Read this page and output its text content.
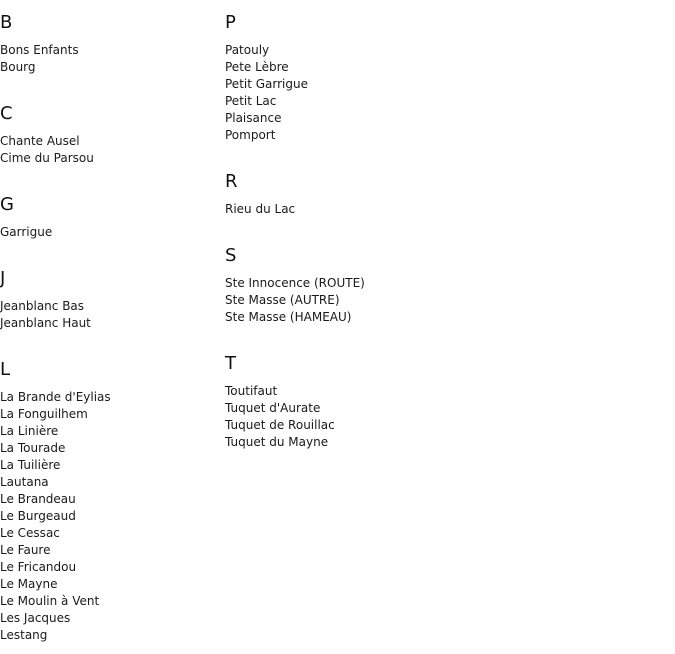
B
Bons Enfants
Bourg
C
Chante Ausel
Cime du Parsou
G
Garrigue
J
Jeanblanc Bas
Jeanblanc Haut
L
La Brande d'Eylias
La Fonguilhem
La Linière
La Tourade
La Tuilière
Lautana
Le Brandeau
Le Burgeaud
Le Cessac
Le Faure
Le Fricandou
Le Mayne
Le Moulin à Vent
Les Jacques
Lestang
P
Patouly
Pete Lèbre
Petit Garrigue
Petit Lac
Plaisance
Pomport
R
Rieu du Lac
S
Ste Innocence (ROUTE)
Ste Masse (AUTRE)
Ste Masse (HAMEAU)
T
Toutifaut
Tuquet d'Aurate
Tuquet de Rouillac
Tuquet du Mayne
